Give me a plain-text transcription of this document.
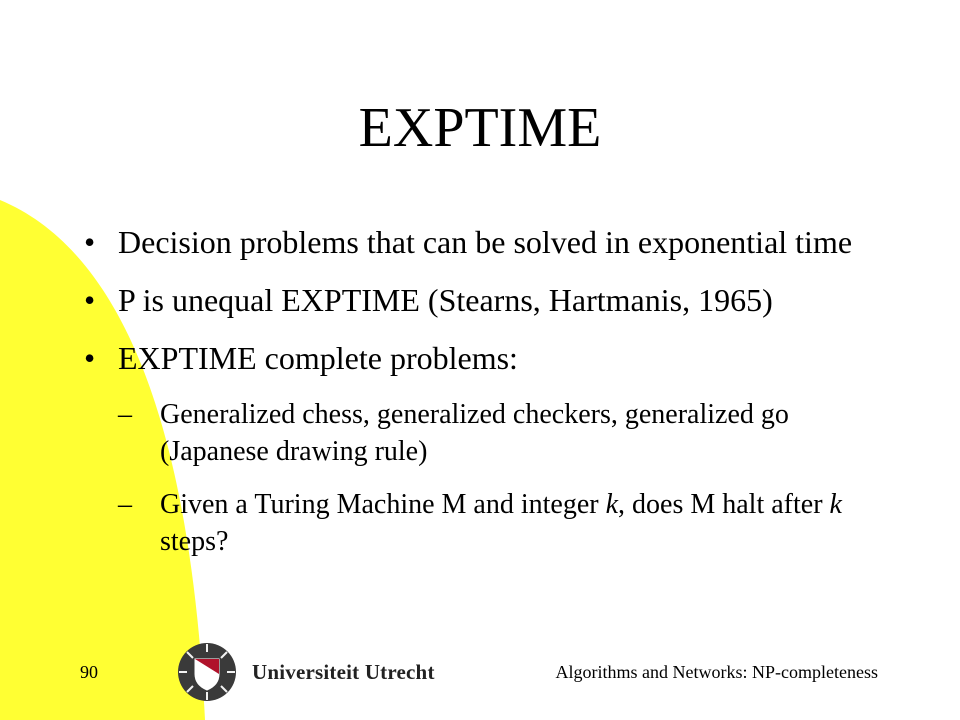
EXPTIME
• Decision problems that can be solved in exponential time
• P is unequal EXPTIME (Stearns, Hartmanis, 1965)
• EXPTIME complete problems:
– Generalized chess, generalized checkers, generalized go (Japanese drawing rule)
– Given a Turing Machine M and integer k, does M halt after k steps?
90	Universiteit Utrecht	Algorithms and Networks: NP-completeness
